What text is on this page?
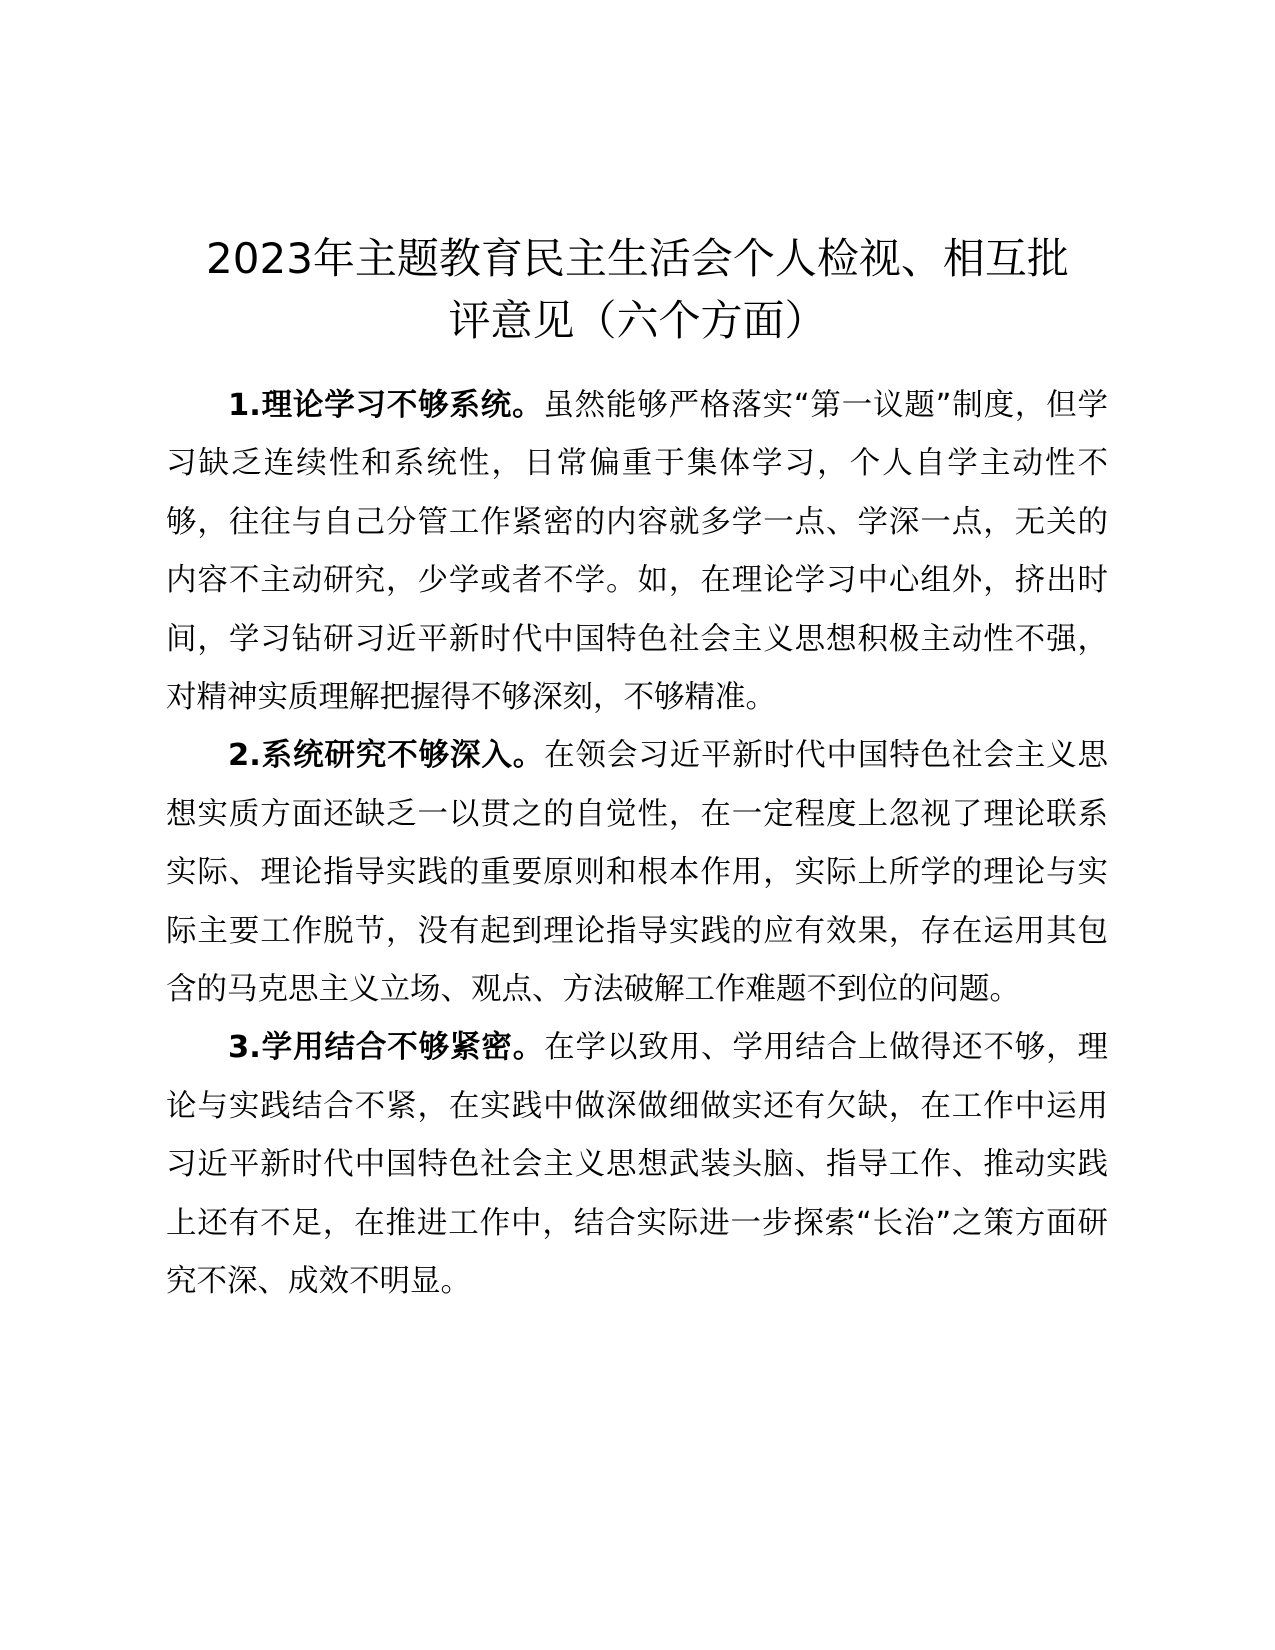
2023年主题教育民主生活会个人检视、相互批
评意见（六个方面）

1.理论学习不够系统。虽然能够严格落实“第一议题”制度，但学习缺乏连续性和系统性，日常偏重于集体学习，个人自学主动性不够，往往与自己分管工作紧密的内容就多学一点、学深一点，无关的内容不主动研究，少学或者不学。如，在理论学习中心组外，挤出时间，学习钻研习近平新时代中国特色社会主义思想积极主动性不强，对精神实质理解把握得不够深刻，不够精准。

2.系统研究不够深入。在领会习近平新时代中国特色社会主义思想实质方面还缺乏一以贯之的自觉性，在一定程度上忽视了理论联系实际、理论指导实践的重要原则和根本作用，实际上所学的理论与实际主要工作脱节，没有起到理论指导实践的应有效果，存在运用其包含的马克思主义立场、观点、方法破解工作难题不到位的问题。

3.学用结合不够紧密。在学以致用、学用结合上做得还不够，理论与实践结合不紧，在实践中做深做细做实还有欠缺，在工作中运用习近平新时代中国特色社会主义思想武装头脑、指导工作、推动实践上还有不足，在推进工作中，结合实际进一步探索“长治”之策方面研究不深、成效不明显。
